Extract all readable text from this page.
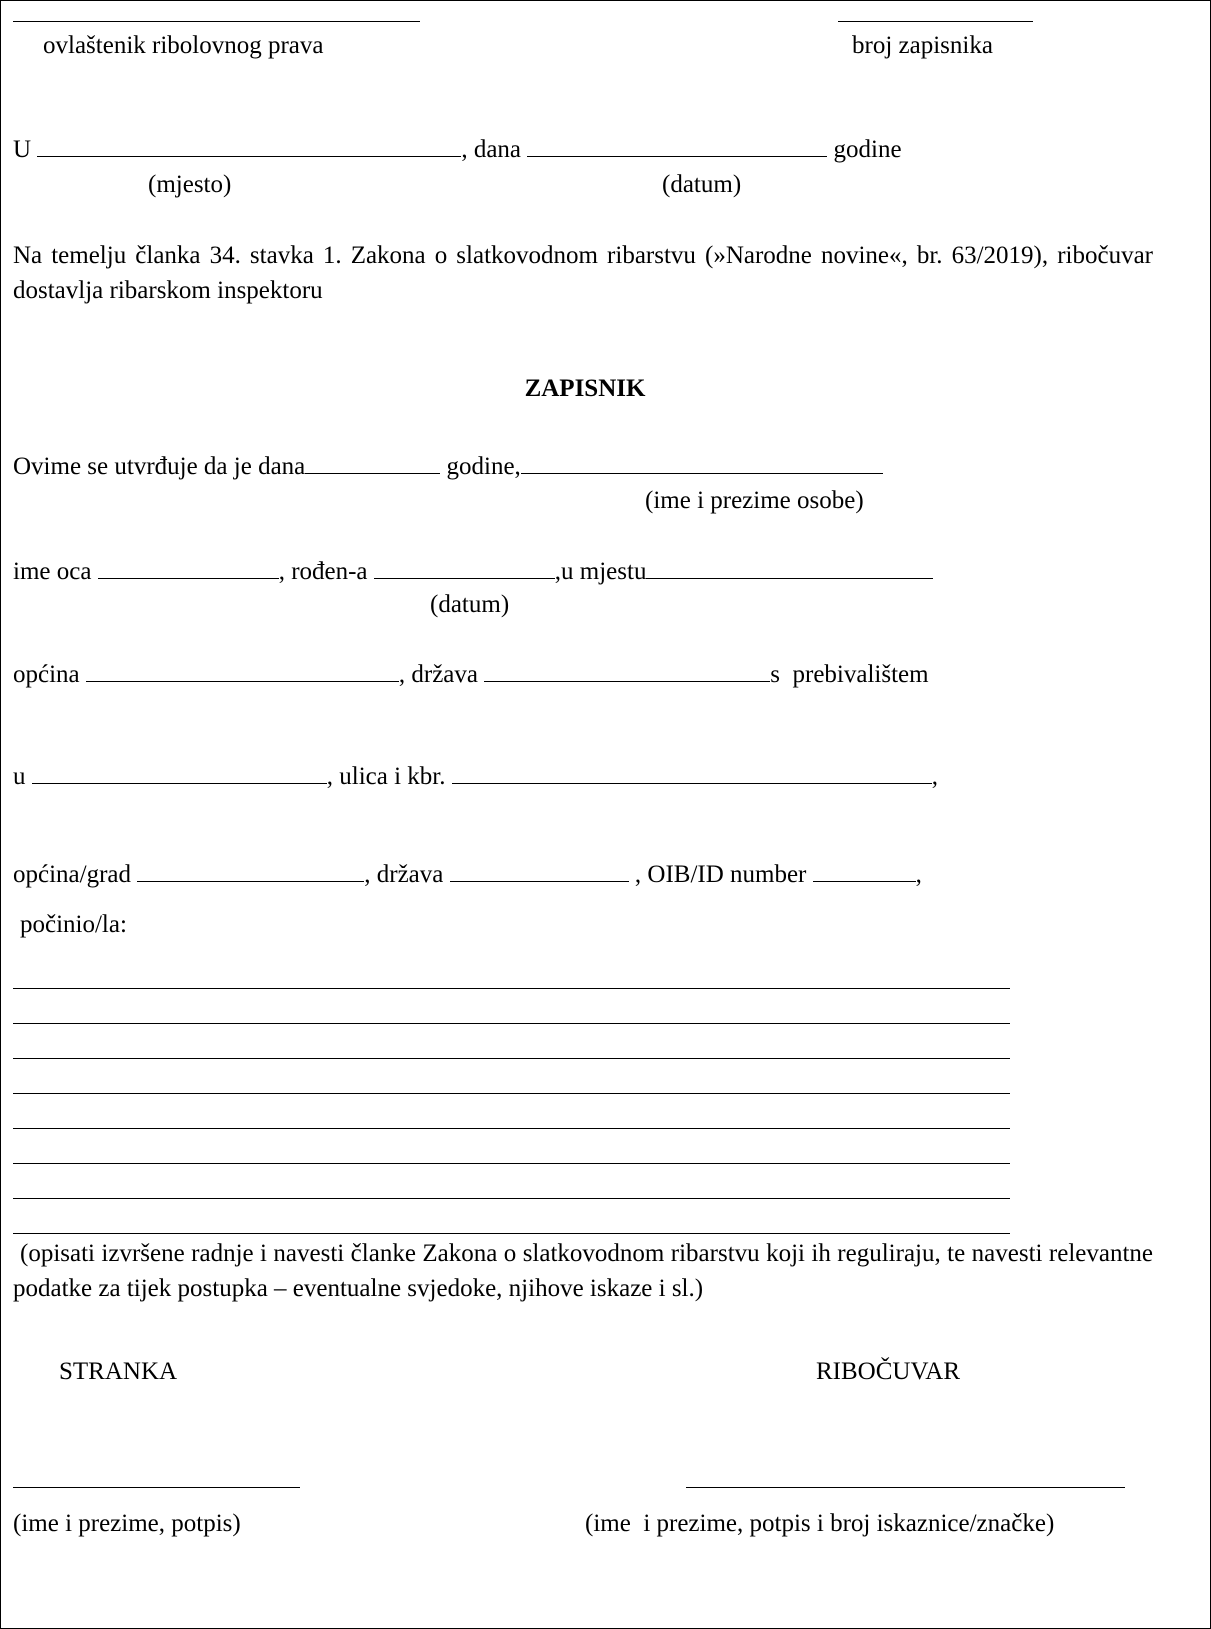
ovlaštenik ribolovnog prava	broj zapisnika
U	, dana	godine
(mjesto)	(datum)
Na temelju članka 34. stavka 1. Zakona o slatkovodnom ribarstvu (»Narodne novine«, br. 63/2019), ribočuvar dostavlja ribarskom inspektoru
ZAPISNIK
Ovime se utvrđuje da je dana	godine,
(ime i prezime osobe)
ime oca	, rođen-a	,u mjestu
(datum)
općina	, država	s  prebivalištem
u	, ulica i kbr.	,
općina/grad	, država	, OIB/ID number	,
počinio/la:
(opisati izvršene radnje i navesti članke Zakona o slatkovodnom ribarstvu koji ih reguliraju, te navesti relevantne podatke za tijek postupka – eventualne svjedoke, njihove iskaze i sl.)
STRANKA	RIBOČUVAR
(ime i prezime, potpis)	(ime  i prezime, potpis i broj iskaznice/značke)
